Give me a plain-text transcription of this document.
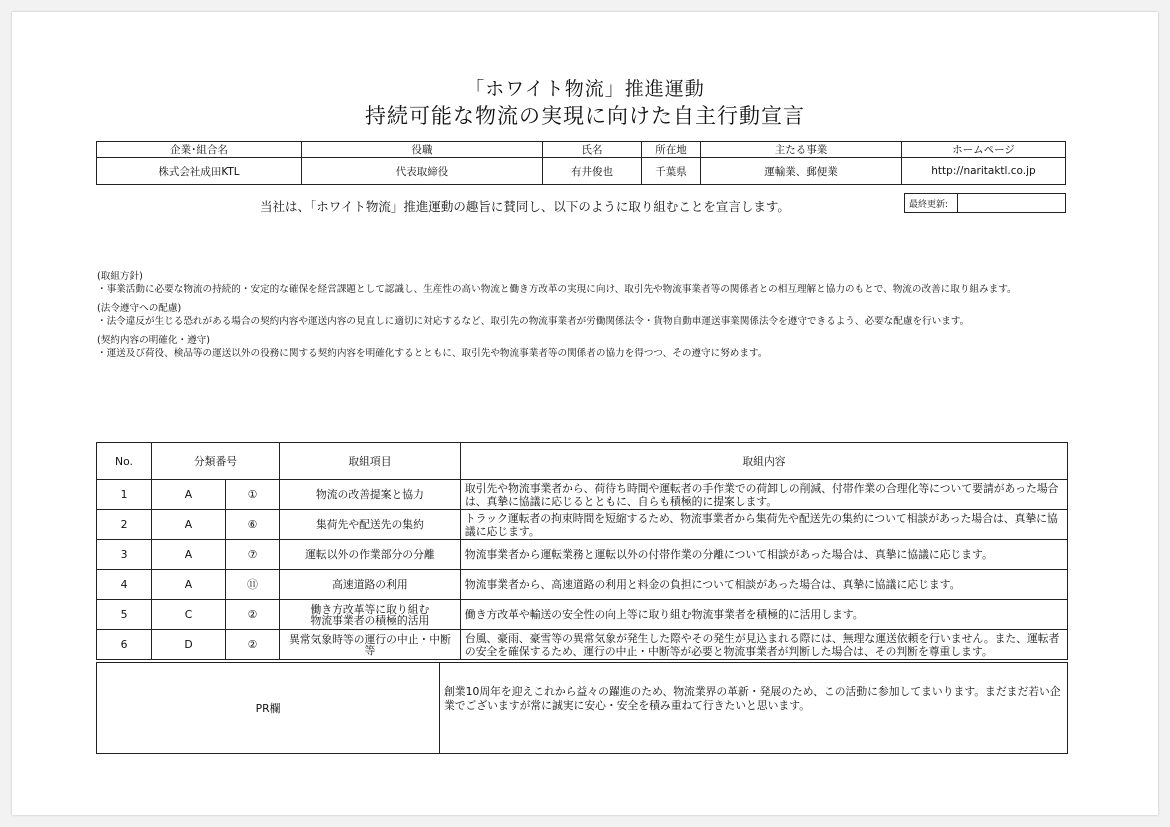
「ホワイト物流」推進運動
持続可能な物流の実現に向けた自主行動宣言
企業･組合名	役職	氏名	所在地	主たる事業	ホームページ
株式会社成田KTL	代表取締役	有井俊也	千葉県	運輸業、郵便業	http://naritaktl.co.jp
当社は、「ホワイト物流」推進運動の趣旨に賛同し、以下のように取り組むことを宣言します。	最終更新:	
(取組方針)
・事業活動に必要な物流の持続的・安定的な確保を経営課題として認識し、生産性の高い物流と働き方改革の実現に向け、取引先や物流事業者等の関係者との相互理解と協力のもとで、物流の改善に取り組みます。
(法令遵守への配慮)
・法令違反が生じる恐れがある場合の契約内容や運送内容の見直しに適切に対応するなど、取引先の物流事業者が労働関係法令・貨物自動車運送事業関係法令を遵守できるよう、必要な配慮を行います。
(契約内容の明確化・遵守)
・運送及び荷役、検品等の運送以外の役務に関する契約内容を明確化するとともに、取引先や物流事業者等の関係者の協力を得つつ、その遵守に努めます。
No.	分類番号		取組項目	取組内容
1	A	①	物流の改善提案と協力	取引先や物流事業者から、荷待ち時間や運転者の手作業での荷卸しの削減、付帯作業の合理化等について要請があった場合は、真摯に協議に応じるとともに、自らも積極的に提案します。
2	A	⑥	集荷先や配送先の集約	トラック運転者の拘束時間を短縮するため、物流事業者から集荷先や配送先の集約について相談があった場合は、真摯に協議に応じます。
3	A	⑦	運転以外の作業部分の分離	物流事業者から運転業務と運転以外の付帯作業の分離について相談があった場合は、真摯に協議に応じます。
4	A	⑪	高速道路の利用	物流事業者から、高速道路の利用と料金の負担について相談があった場合は、真摯に協議に応じます。
5	C	②	働き方改革等に取り組む
物流事業者の積極的活用	働き方改革や輸送の安全性の向上等に取り組む物流事業者を積極的に活用します。
6	D	②	異常気象時等の運行の中止・中断
等	台風、豪雨、豪雪等の異常気象が発生した際やその発生が見込まれる際には、無理な運送依頼を行いません。また、運転者の安全を確保するため、運行の中止・中断等が必要と物流事業者が判断した場合は、その判断を尊重します。
PR欄	創業10周年を迎えこれから益々の躍進のため、物流業界の革新・発展のため、この活動に参加してまいります。まだまだ若い企業でございますが常に誠実に安心・安全を積み重ねて行きたいと思います。
